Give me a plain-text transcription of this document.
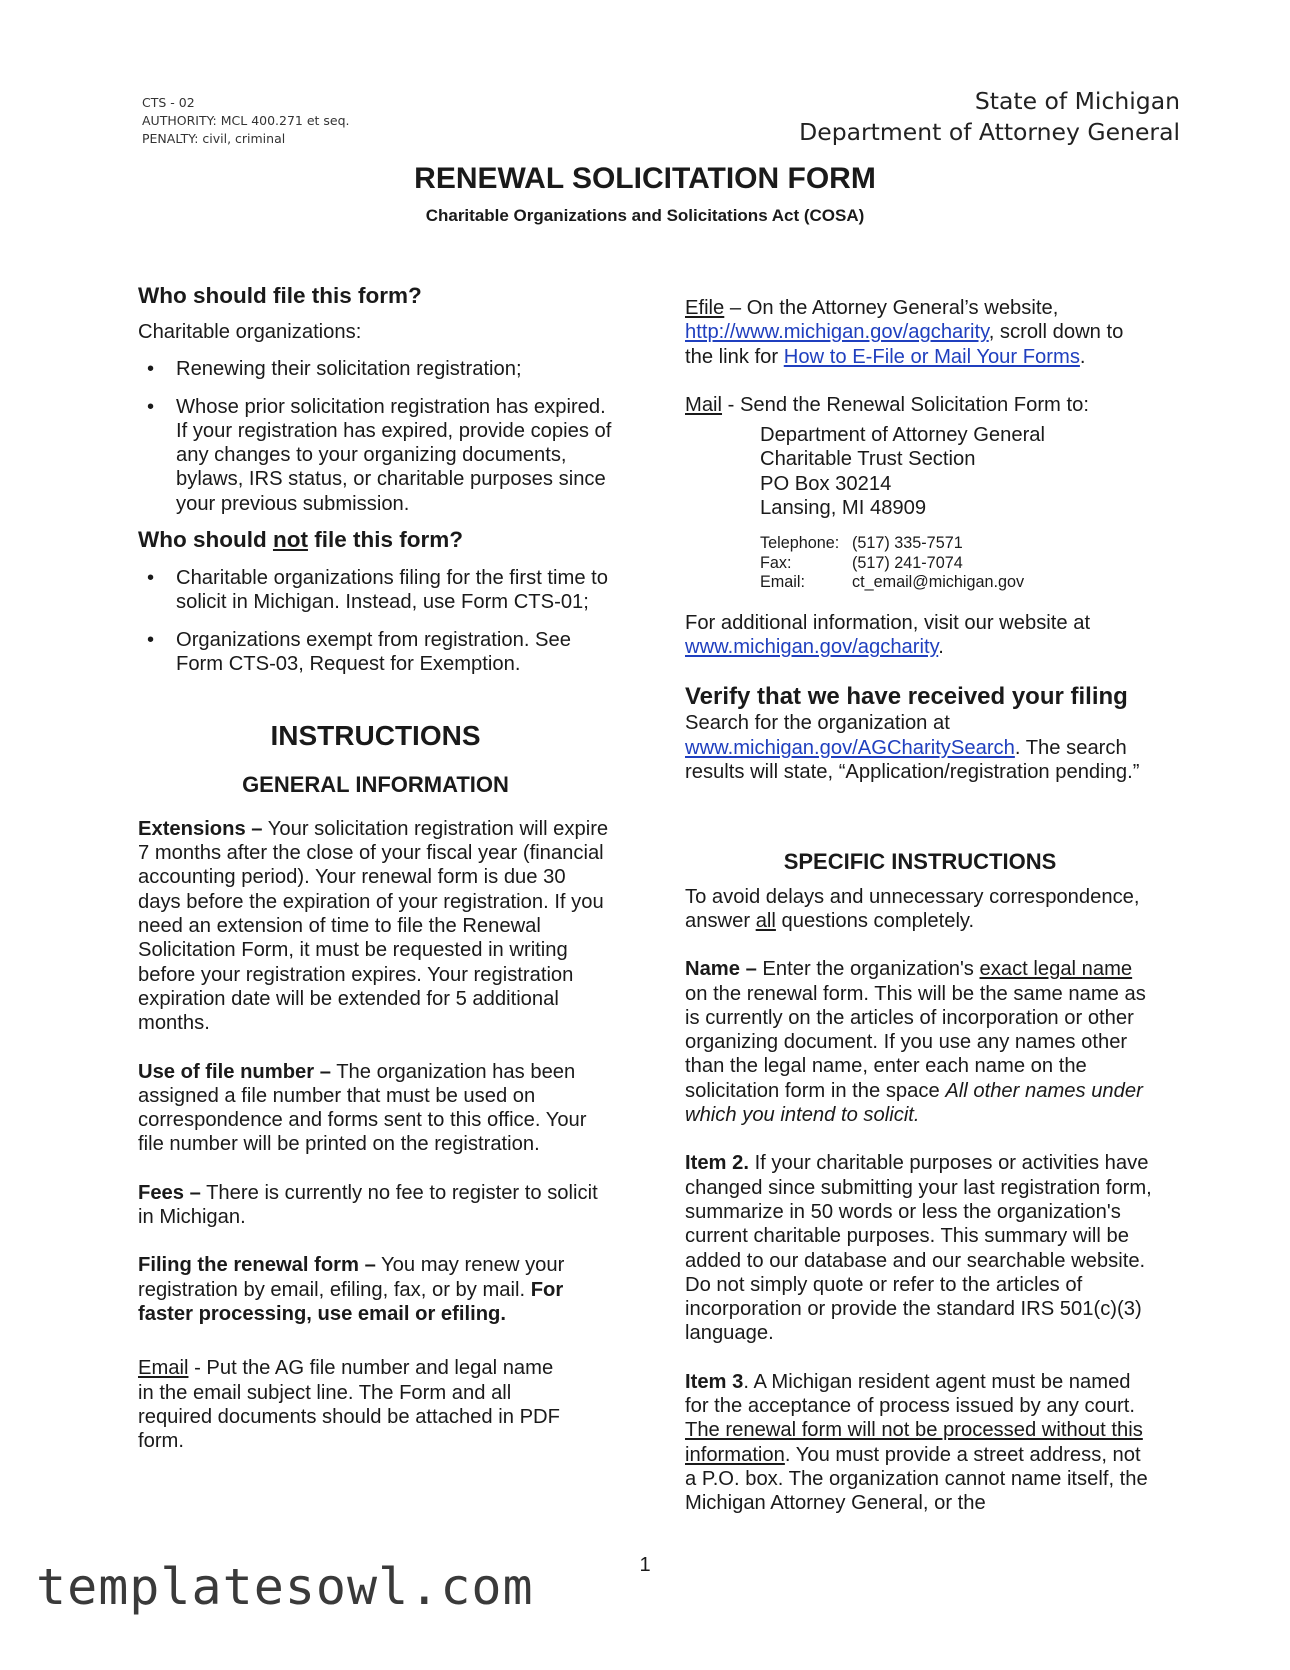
CTS - 02
AUTHORITY: MCL 400.271 et seq.
PENALTY: civil, criminal
State of Michigan
Department of Attorney General
RENEWAL SOLICITATION FORM
Charitable Organizations and Solicitations Act (COSA)
Who should file this form?

Charitable organizations:

• Renewing their solicitation registration;

• Whose prior solicitation registration has expired. If your registration has expired, provide copies of any changes to your organizing documents, bylaws, IRS status, or charitable purposes since your previous submission.

Who should not file this form?

• Charitable organizations filing for the first time to solicit in Michigan. Instead, use Form CTS-01;

• Organizations exempt from registration. See Form CTS-03, Request for Exemption.

INSTRUCTIONS
GENERAL INFORMATION

Extensions – Your solicitation registration will expire 7 months after the close of your fiscal year (financial accounting period). Your renewal form is due 30 days before the expiration of your registration. If you need an extension of time to file the Renewal Solicitation Form, it must be requested in writing before your registration expires. Your registration expiration date will be extended for 5 additional months.

Use of file number – The organization has been assigned a file number that must be used on correspondence and forms sent to this office. Your file number will be printed on the registration.

Fees – There is currently no fee to register to solicit in Michigan.

Filing the renewal form – You may renew your registration by email, efiling, fax, or by mail. For faster processing, use email or efiling.

Email - Put the AG file number and legal name in the email subject line. The Form and all required documents should be attached in PDF form.

Efile – On the Attorney General’s website, http://www.michigan.gov/agcharity, scroll down to the link for How to E-File or Mail Your Forms.

Mail - Send the Renewal Solicitation Form to:

Department of Attorney General
Charitable Trust Section
PO Box 30214
Lansing, MI 48909
Telephone: (517) 335-7571
Fax:	(517) 241-7074
Email:	ct_email@michigan.gov

For additional information, visit our website at www.michigan.gov/agcharity.

Verify that we have received your filing

Search for the organization at www.michigan.gov/AGCharitySearch. The search results will state, “Application/registration pending.”

SPECIFIC INSTRUCTIONS

To avoid delays and unnecessary correspondence, answer all questions completely.

Name – Enter the organization's exact legal name on the renewal form. This will be the same name as is currently on the articles of incorporation or other organizing document. If you use any names other than the legal name, enter each name on the solicitation form in the space All other names under which you intend to solicit.

Item 2. If your charitable purposes or activities have changed since submitting your last registration form, summarize in 50 words or less the organization's current charitable purposes. This summary will be added to our database and our searchable website. Do not simply quote or refer to the articles of incorporation or provide the standard IRS 501(c)(3) language.

Item 3. A Michigan resident agent must be named for the acceptance of process issued by any court. The renewal form will not be processed without this information. You must provide a street address, not a P.O. box. The organization cannot name itself, the Michigan Attorney General, or the

1
templatesowl.com
